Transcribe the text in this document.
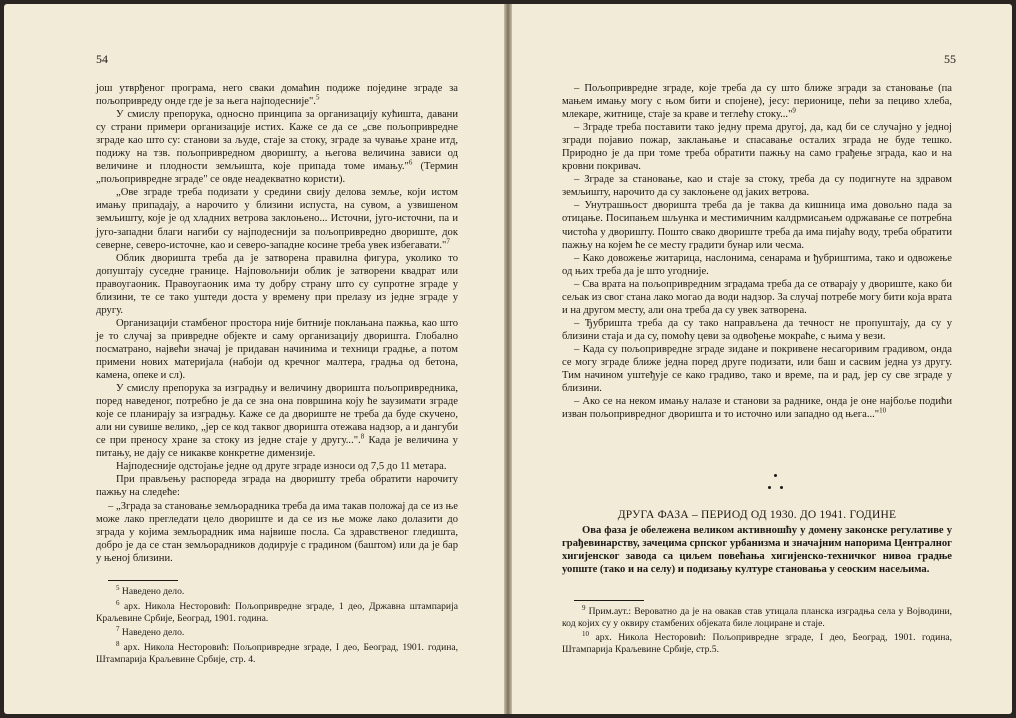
54

још утврђеног програма, него сваки домаћин подиже поједине зграде за пољопривреду онде где је за њега најподесније".$^5$

У смислу препорука, односно принципа за организацију кућишта, давани су страни примери организације истих. Каже се да се „све пољопривредне зграде као што су: станови за људе, стаје за стоку, зграде за чување хране итд, подижу на тзв. пољопривредном дворишту, а његова величина зависи од величине и плодности земљишта, које припада томе имању."$^6$ (Термин „пољопривредне зграде" се овде неадекватно користи).

„Ове зграде треба подизати у средини свију делова земље, који истом имању припадају, а нарочито у близини испуста, на сувом, а узвишеном земљишту, које је од хладних ветрова заклоњено... Источни, југо-источни, па и југо-западни благи нагиби су најподеснији за пољопривредно двориште, док северне, северо-источне, као и северо-западне косине треба увек избегавати."$^7$

Облик дворишта треба да је затворена правилна фигура, уколико то допуштају суседне границе. Најповољнији облик је затворени квадрат или правоугаоник. Правоугаоник има ту добру страну што су супротне зграде у близини, те се тако уштеди доста у времену при прелазу из једне зграде у другу.

Организацији стамбеног простора није битније поклањана пажња, као што је то случај за привредне објекте и саму организацију дворишта. Глобално посматрано, највећи значај је придаван начинима и техници градње, а потом примени нових материјала (набоји од кречног малтера, градња од бетона, камена, опеке и сл).

У смислу препорука за изградњу и величину дворишта пољопривредника, поред наведеног, потребно је да се зна она површина коју ће заузимати зграде које се планирају за изградњу. Каже се да двориште не треба да буде скучено, али ни сувише велико, „јер се код таквог дворишта отежава надзор, а и дангуби се при преносу хране за стоку из једне стаје у другу...".$^8$ Када је величина у питању, не дају се никакве конкретне димензије.

Најподесније одстојање једне од друге зграде износи од 7,5 до 11 метара.

При прављењу распореда зграда на дворишту треба обратити нарочиту пажњу на следеће:

– „Зграда за становање земљорадника треба да има такав положај да се из ње може лако прегледати цело двориште и да се из ње може лако долазити до зграда у којима земљорадник има највише посла. Са здравственог гледишта, добро је да се стан земљорадников додирује с градином (баштом) или да је бар у њеној близини.

$^5$ Наведено дело.

$^6$ арх. Никола Несторовић: Пољопривредне зграде, 1 део, Државна штампарија Краљевине Србије, Београд, 1901. година.

$^7$ Наведено дело.

$^8$ арх. Никола Несторовић: Пољопривредне зграде, I део, Београд, 1901. година, Штампарија Краљевине Србије, стр. 4.

55

– Пољопривредне зграде, које треба да су што ближе згради за становање (па мањем имању могу с њом бити и спојене), јесу: перионице, пећи за пецивo хлеба, млекаре, житнице, стаје за краве и теглећу стоку..."$^9$

– Зграде треба поставити тако једну према другој, да, кад би се случајно у једној згради појавио пожар, заклањање и спасавање осталих зграда не буде тешко. Природно је да при томе треба обратити пажњу на само грађење зграда, као и на кровни покривач.

– Зграде за становање, као и стаје за стоку, треба да су подигнуте на здравом земљишту, нарочито да су заклоњене од јаких ветрова.

– Унутрашњост дворишта треба да је таква да кишница има довољно пада за отицање. Посипањем шљунка и местимичним калдрмисањем одржавање се потребна чистоћа у дворишту. Пошто свако двориште треба да има пијаћу воду, треба обратити пажњу на којем ће се месту градити бунар или чесма.

– Како довожење житарица, наслонима, сенарама и ђубриштима, тако и одвожење од њих треба да је што угодније.

– Сва врата на пољопривредним зградама треба да се отварају у двориште, како би сељак из свог стана лако могао да води надзор. За случај потребе могу бити која врата и на другом месту, али она треба да су увек затворена.

– Ђубришта треба да су тако направљена да течност не пропуштају, да су у близини стаја и да су, помоћу цеви за одвођење мокраће, с њима у вези.

– Када су пољопривредне зграде зидане и покривене несагоривим градивом, онда се могу зграде ближе једна поред друге подизати, или баш и сасвим једна уз другу. Тим начином уштеђује се како градиво, тако и време, па и рад, јер су све зграде у близини.

– Ако се на неком имању налазе и станови за раднике, онда је оне најбоље подићи изван пољопривредног дворишта и то источно или западно од њега..."$^{10}$

ДРУГА ФАЗА – ПЕРИОД ОД 1930. ДО 1941. ГОДИНЕ

Ова фаза је обележена великом активношћу у домену законске регулативе у грађевинарству, зачецима српског урбанизма и значајним напорима Централног хигијенског завода са циљем повећања хигијенско-техничког нивоа градње уопште (тако и на селу) и подизању културе становања у сеоским насељима.

$^9$ Прим.аут.: Вероватно да је на овакав став утицала планска изградња села у Војводини, код којих су у оквиру стамбених објеката биле лоциране и стаје.

$^{10}$ арх. Никола Несторовић: Пољопривредне зграде, I део, Београд, 1901. година, Штампарија Краљевине Србије, стр.5.
